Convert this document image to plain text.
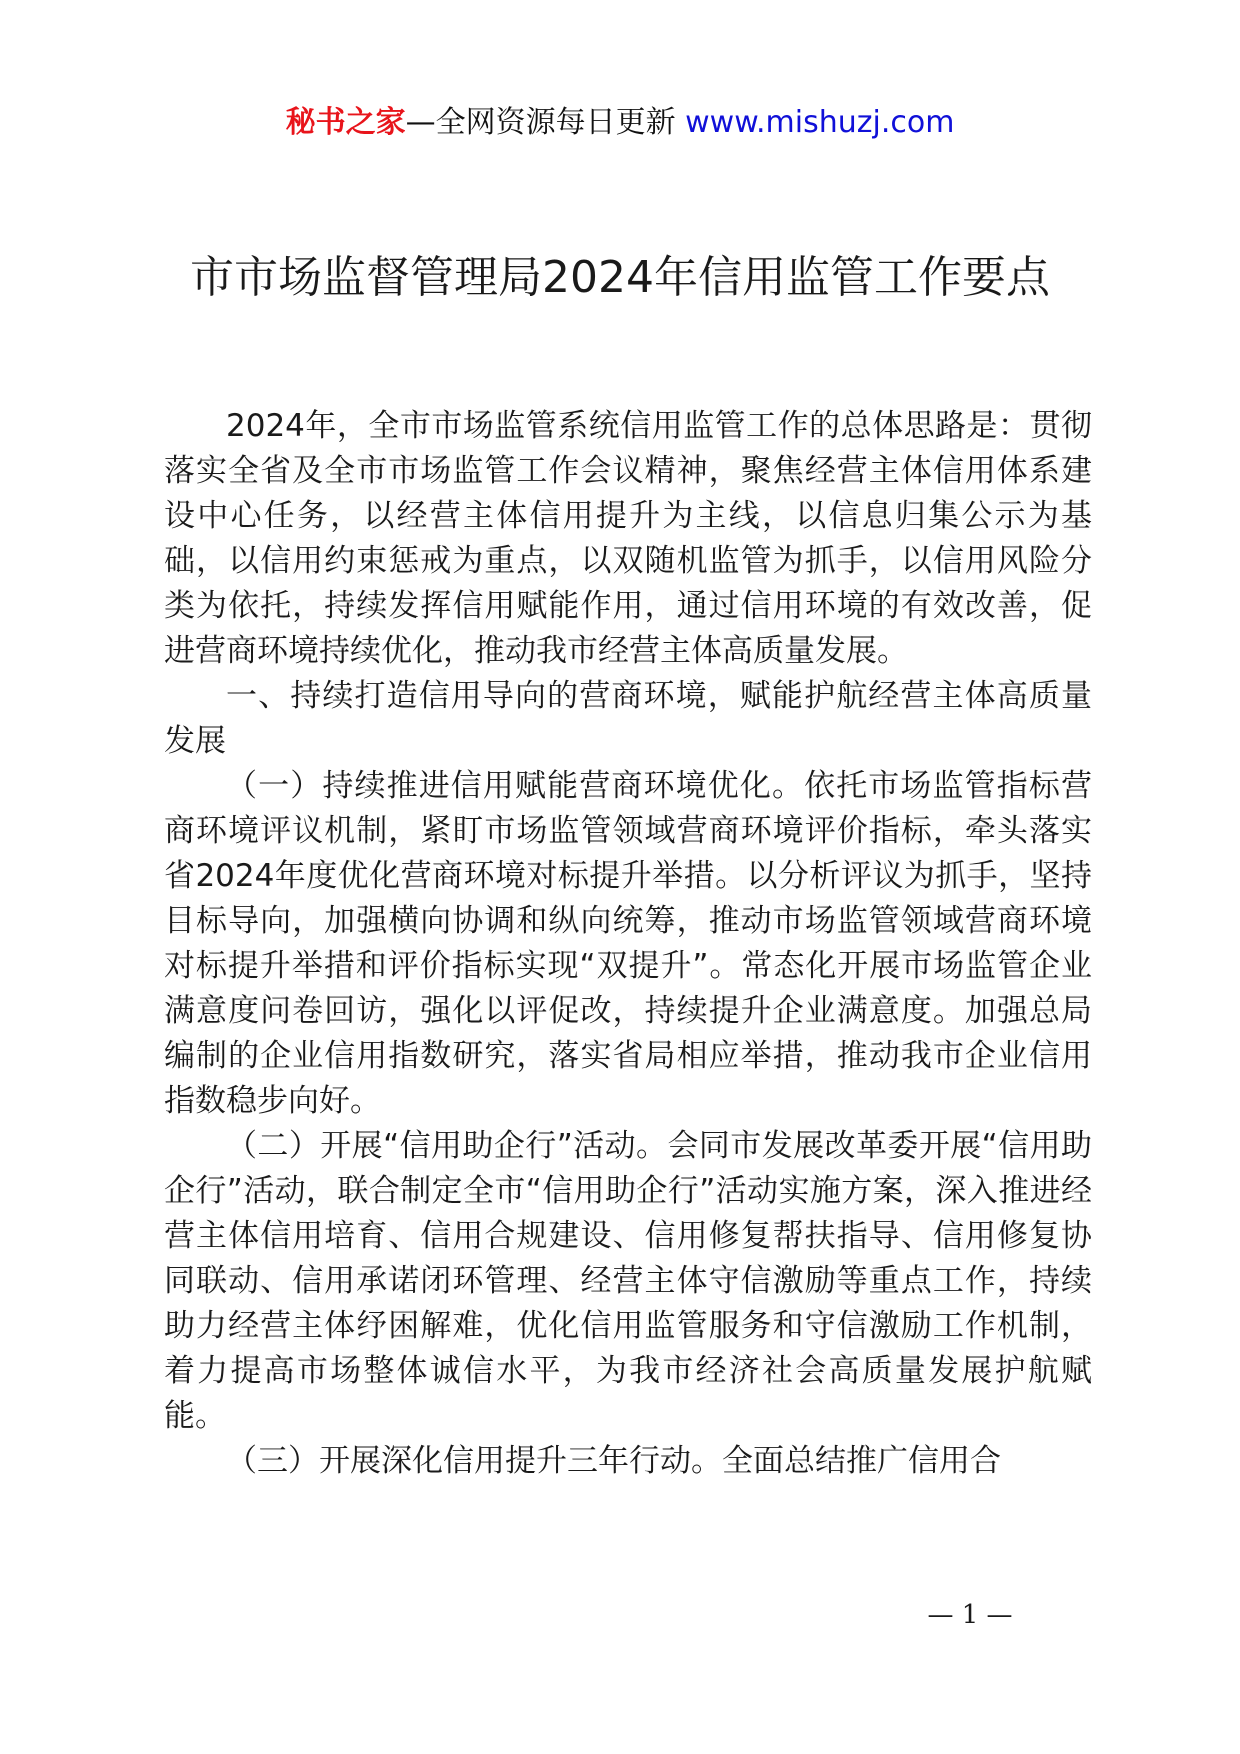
秘书之家—全网资源每日更新 www.mishuzj.com
市市场监督管理局2024年信用监管工作要点

2024年，全市市场监管系统信用监管工作的总体思路是：贯彻落实全省及全市市场监管工作会议精神，聚焦经营主体信用体系建设中心任务，以经营主体信用提升为主线，以信息归集公示为基础，以信用约束惩戒为重点，以双随机监管为抓手，以信用风险分类为依托，持续发挥信用赋能作用，通过信用环境的有效改善，促进营商环境持续优化，推动我市经营主体高质量发展。

一、持续打造信用导向的营商环境，赋能护航经营主体高质量发展

（一）持续推进信用赋能营商环境优化。依托市场监管指标营商环境评议机制，紧盯市场监管领域营商环境评价指标，牵头落实省2024年度优化营商环境对标提升举措。以分析评议为抓手，坚持目标导向，加强横向协调和纵向统筹，推动市场监管领域营商环境对标提升举措和评价指标实现“双提升”。常态化开展市场监管企业满意度问卷回访，强化以评促改，持续提升企业满意度。加强总局编制的企业信用指数研究，落实省局相应举措，推动我市企业信用指数稳步向好。

（二）开展“信用助企行”活动。会同市发展改革委开展“信用助企行”活动，联合制定全市“信用助企行”活动实施方案，深入推进经营主体信用培育、信用合规建设、信用修复帮扶指导、信用修复协同联动、信用承诺闭环管理、经营主体守信激励等重点工作，持续助力经营主体纾困解难，优化信用监管服务和守信激励工作机制，着力提高市场整体诚信水平，为我市经济社会高质量发展护航赋能。

（三）开展深化信用提升三年行动。全面总结推广信用合

— 1 —
